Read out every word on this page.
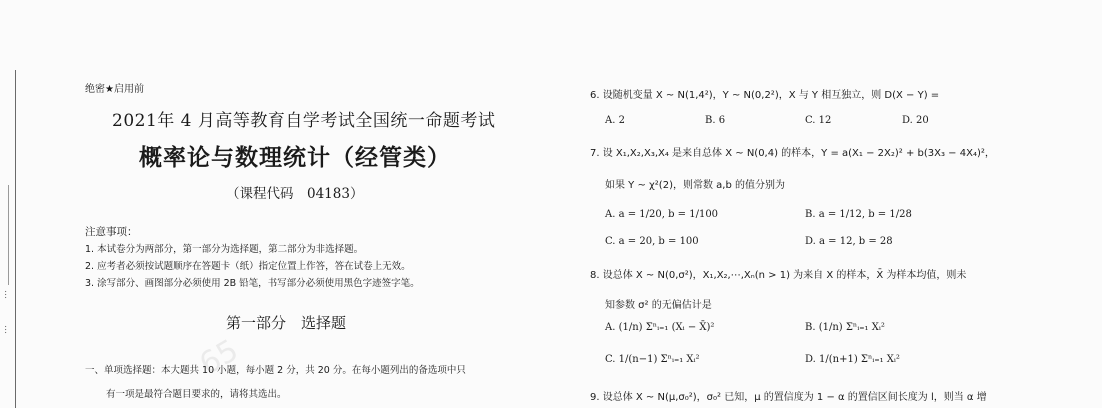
…
…
65
绝密★启用前
2021年 4 月高等教育自学考试全国统一命题考试
概率论与数理统计（经管类）
（课程代码　04183）
注意事项：
1. 本试卷分为两部分，第一部分为选择题，第二部分为非选择题。
2. 应考者必须按试题顺序在答题卡（纸）指定位置上作答，答在试卷上无效。
3. 涂写部分、画图部分必须使用 2B 铅笔，书写部分必须使用黑色字迹签字笔。
第一部分　选择题
一、单项选择题：本大题共 10 小题，每小题 2 分，共 20 分。在每小题列出的备选项中只
有一项是最符合题目要求的，请将其选出。
6. 设随机变量 X ~ N(1,4²)，Y ~ N(0,2²)，X 与 Y 相互独立，则 D(X − Y) =
A. 2	B. 6	C. 12	D. 20
7. 设 X₁,X₂,X₃,X₄ 是来自总体 X ~ N(0,4) 的样本，Y = a(X₁ − 2X₂)² + b(3X₃ − 4X₄)²，
如果 Y ~ χ²(2)，则常数 a,b 的值分别为
A. a = 1/20, b = 1/100	B. a = 1/12, b = 1/28
C. a = 20, b = 100	D. a = 12, b = 28
8. 设总体 X ~ N(0,σ²)，X₁,X₂,⋯,Xₙ(n > 1) 为来自 X 的样本，X̄ 为样本均值，则未
知参数 σ² 的无偏估计是
A. (1/n) Σⁿᵢ₌₁ (Xᵢ − X̄)²	B. (1/n) Σⁿᵢ₌₁ Xᵢ²
C. 1/(n−1) Σⁿᵢ₌₁ Xᵢ²	D. 1/(n+1) Σⁿᵢ₌₁ Xᵢ²
9. 设总体 X ~ N(μ,σ₀²)，σ₀² 已知，μ 的置信度为 1 − α 的置信区间长度为 l，则当 α 增
